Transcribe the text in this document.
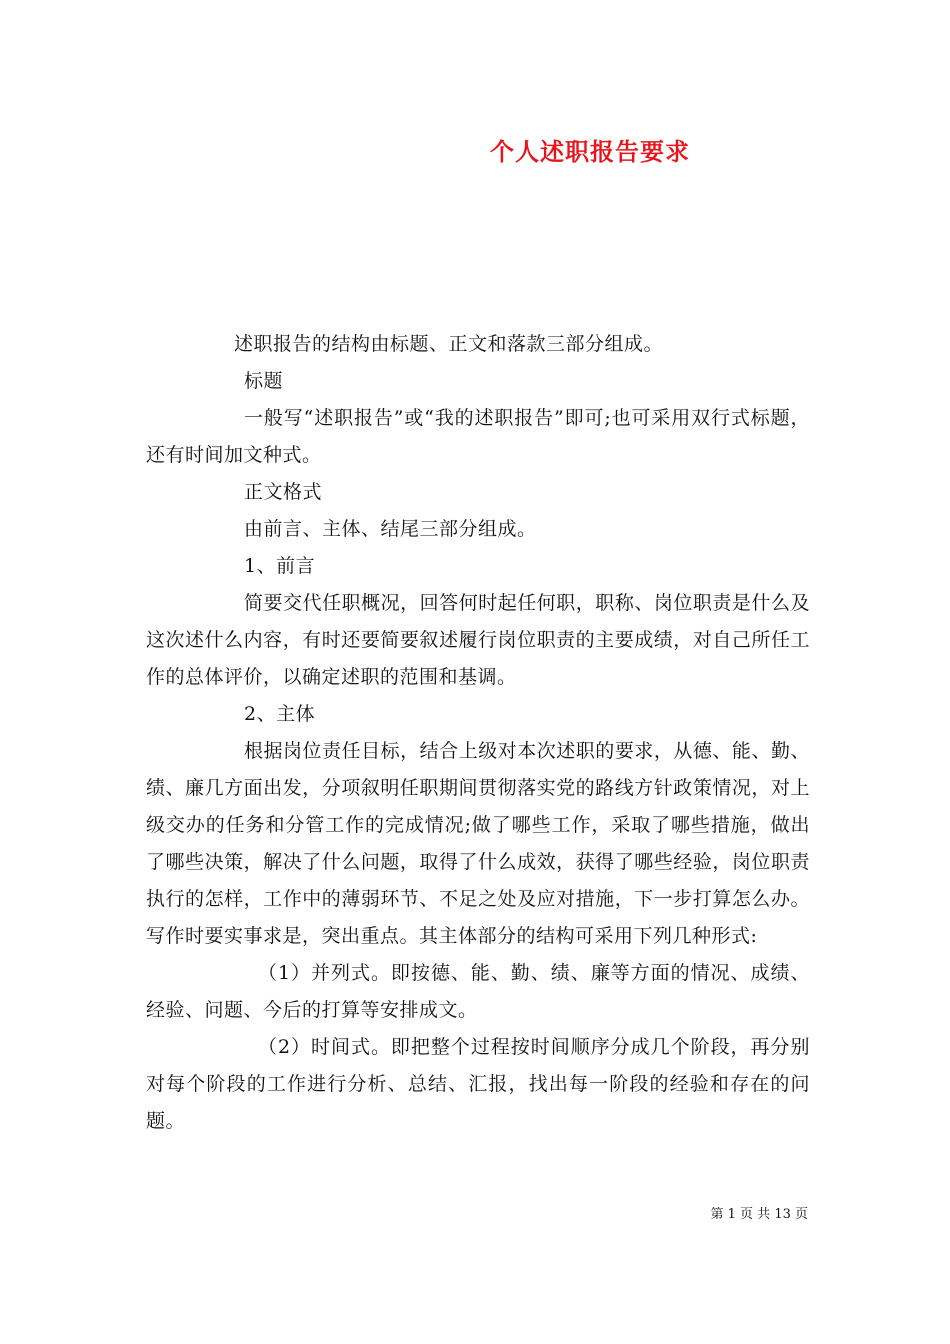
个人述职报告要求

述职报告的结构由标题、正文和落款三部分组成。

标题

一般写“述职报告”或“我的述职报告”即可;也可采用双行式标题，还有时间加文种式。

正文格式

由前言、主体、结尾三部分组成。

1、前言

简要交代任职概况，回答何时起任何职，职称、岗位职责是什么及这次述什么内容，有时还要简要叙述履行岗位职责的主要成绩，对自己所任工作的总体评价，以确定述职的范围和基调。

2、主体

根据岗位责任目标，结合上级对本次述职的要求，从德、能、勤、绩、廉几方面出发，分项叙明任职期间贯彻落实党的路线方针政策情况，对上级交办的任务和分管工作的完成情况;做了哪些工作，采取了哪些措施，做出了哪些决策，解决了什么问题，取得了什么成效，获得了哪些经验，岗位职责执行的怎样，工作中的薄弱环节、不足之处及应对措施，下一步打算怎么办。写作时要实事求是，突出重点。其主体部分的结构可采用下列几种形式:

（1）并列式。即按德、能、勤、绩、廉等方面的情况、成绩、经验、问题、今后的打算等安排成文。

（2）时间式。即把整个过程按时间顺序分成几个阶段，再分别对每个阶段的工作进行分析、总结、汇报，找出每一阶段的经验和存在的问题。

第 1 页 共 13 页
